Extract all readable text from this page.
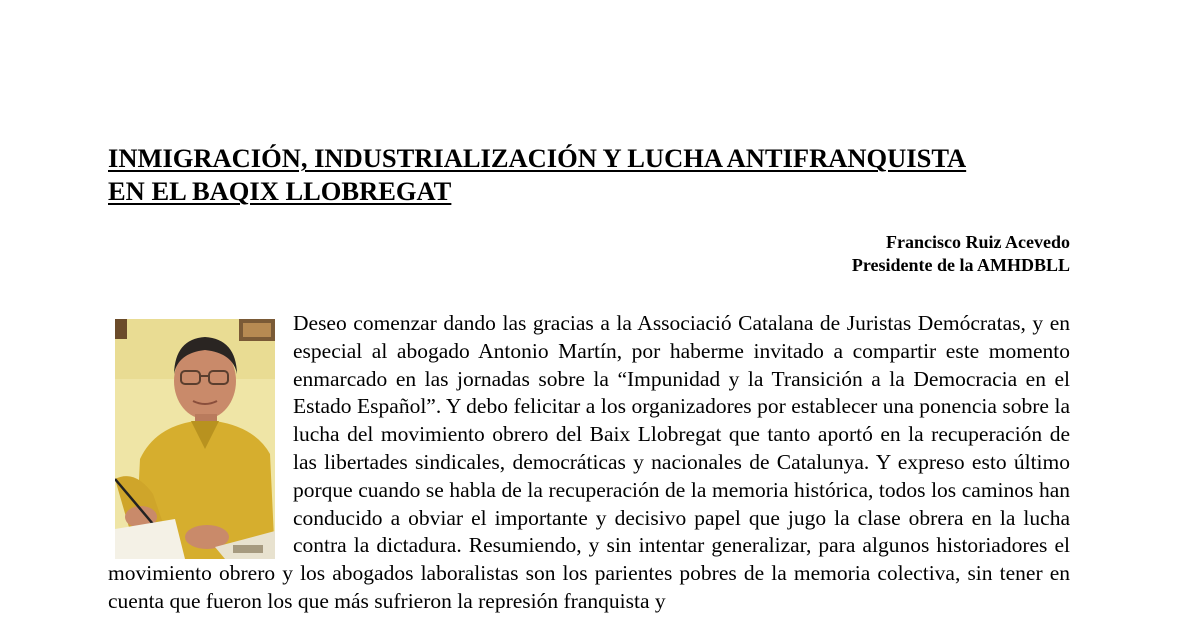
INMIGRACIÓN, INDUSTRIALIZACIÓN Y LUCHA ANTIFRANQUISTA
EN EL BAQIX LLOBREGAT
Francisco Ruiz Acevedo
Presidente de la AMHDBLL
Deseo comenzar dando las gracias a la Associació Catalana de Juristas Demócratas, y en especial al abogado Antonio Martín, por haberme invitado a compartir este momento enmarcado en las jornadas sobre la “Impunidad y la Transición a la Democracia en el Estado Español”. Y debo felicitar a los organizadores por establecer una ponencia sobre la lucha del movimiento obrero del Baix Llobregat que tanto aportó en la recuperación de las libertades sindicales, democráticas y nacionales de Catalunya. Y expreso esto último porque cuando se habla de la recuperación de la memoria histórica, todos los caminos han conducido a obviar el importante y decisivo papel que jugo la clase obrera en la lucha contra la dictadura. Resumiendo, y sin intentar generalizar, para algunos historiadores el movimiento obrero y los abogados laboralistas son los parientes pobres de la memoria colectiva, sin tener en cuenta que fueron los que más sufrieron la represión franquista y
